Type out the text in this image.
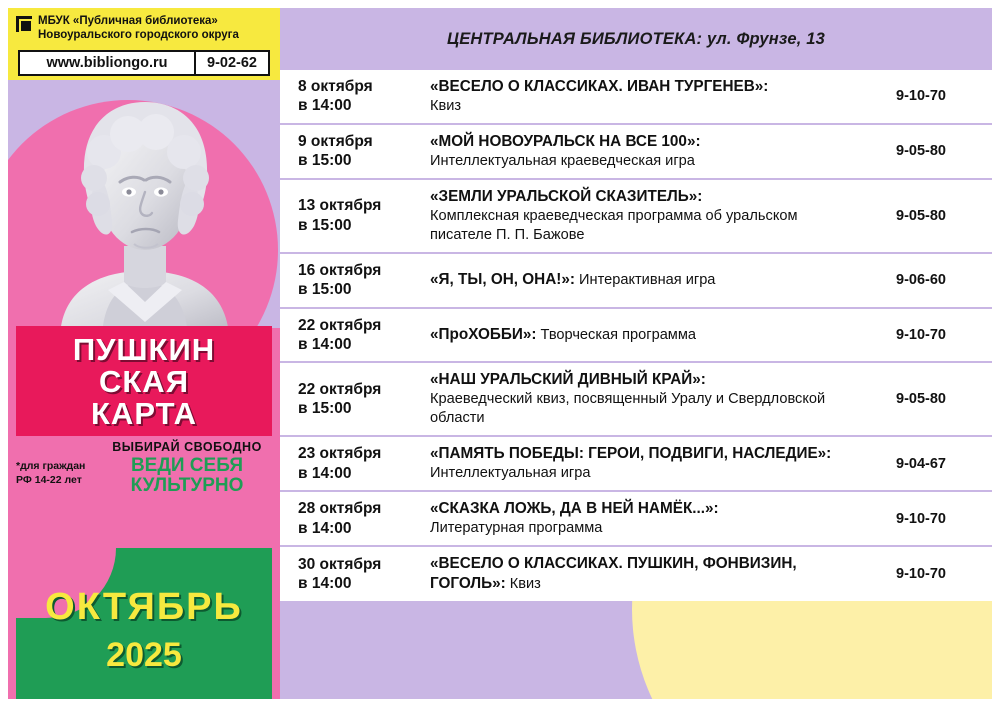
ЦЕНТРАЛЬНАЯ БИБЛИОТЕКА: ул. Фрунзе, 13
8 октября
в 14:00
	«ВЕСЕЛО О КЛАССИКАХ. ИВАН ТУРГЕНЕВ»:
Квиз
	9-10-70

9 октября
в 15:00
	«МОЙ НОВОУРАЛЬСК НА ВСЕ 100»:
Интеллектуальная краеведческая игра
	9-05-80

13 октября
в 15:00
	«ЗЕМЛИ УРАЛЬСКОЙ СКАЗИТЕЛЬ»:
Комплексная краеведческая программа об уральском писателе П. П. Бажове
	9-05-80

16 октября
в 15:00	«Я, ТЫ, ОН, ОНА!»: Интерактивная игра	9-06-60

22 октября
в 14:00	«ПроХОББИ»: Творческая программа	9-10-70

22 октября
в 15:00
	«НАШ УРАЛЬСКИЙ ДИВНЫЙ КРАЙ»:
Краеведческий квиз, посвященный Уралу и Свердловской области
	9-05-80

23 октября
в 14:00	«ПАМЯТЬ ПОБЕДЫ: ГЕРОИ, ПОДВИГИ, НАСЛЕДИЕ»: Интеллектуальная игра	9-04-67

28 октября
в 14:00
	«СКАЗКА ЛОЖЬ, ДА В НЕЙ НАМЁК...»:
Литературная программа
	9-10-70

30 октября
в 14:00	«ВЕСЕЛО О КЛАССИКАХ. ПУШКИН, ФОНВИЗИН, ГОГОЛЬ»: Квиз	9-10-70
МБУК «Публичная библиотека»
Новоуральского городского округа
www.bibliongo.ru	9-02-62
ПУШКИН
СКАЯ
КАРТА
ВЫБИРАЙ СВОБОДНО
ВЕДИ СЕБЯ
КУЛЬТУРНО
*для граждан РФ 14-22 лет
ОКТЯБРЬ
2025
